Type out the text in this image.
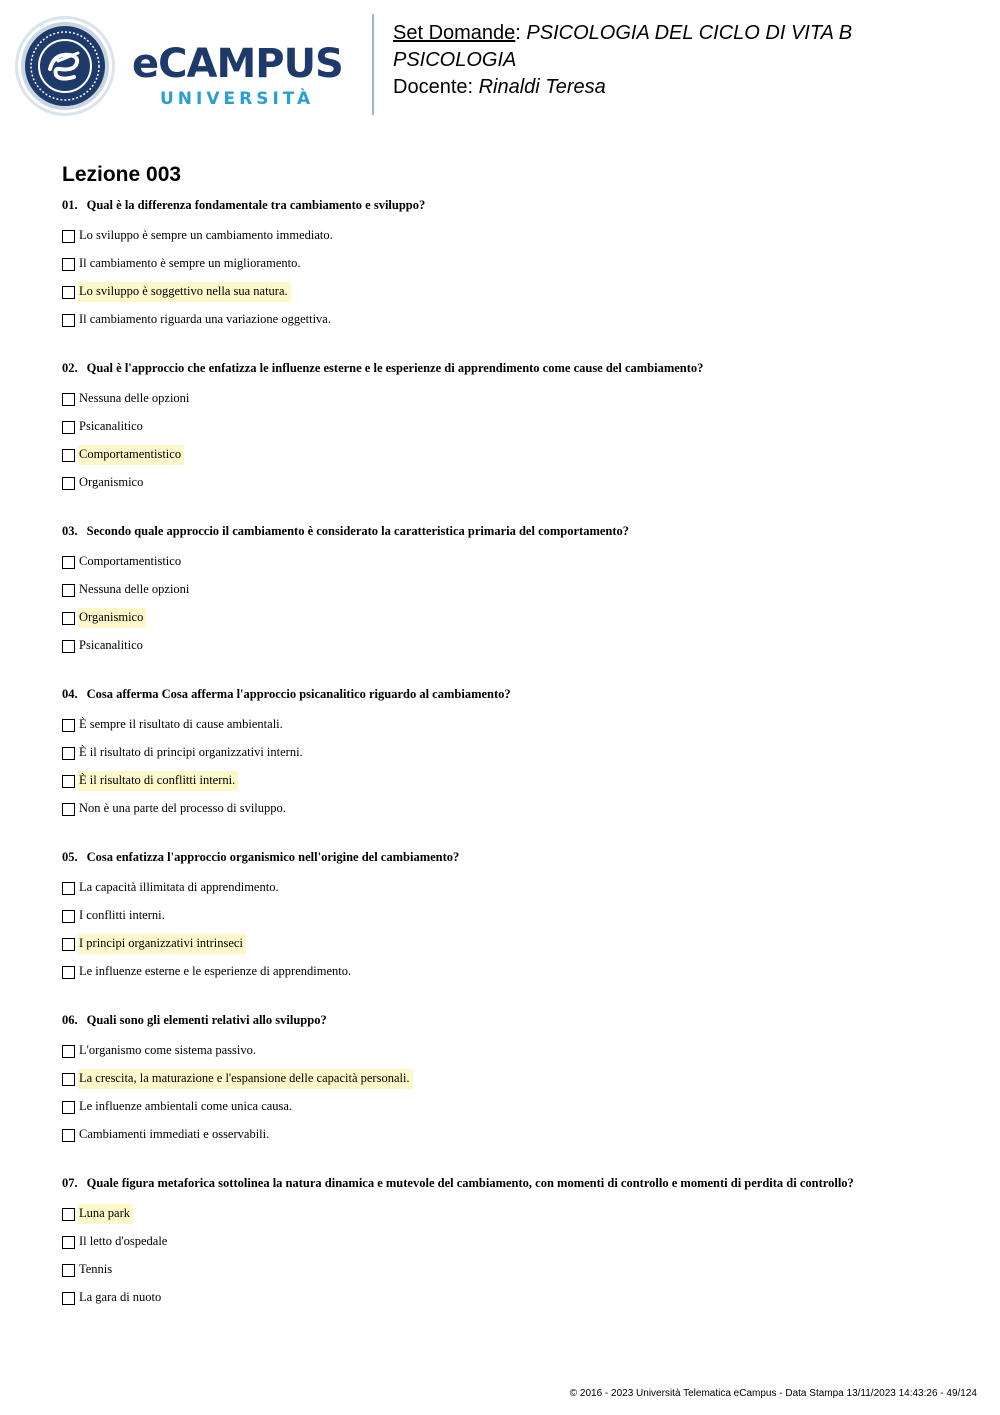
eCAMPUS
UNIVERSITÀ
Set Domande: PSICOLOGIA DEL CICLO DI VITA B
PSICOLOGIA
Docente: Rinaldi Teresa
Lezione 003
01. Qual è la differenza fondamentale tra cambiamento e sviluppo?
Lo sviluppo è sempre un cambiamento immediato.
Il cambiamento è sempre un miglioramento.
Lo sviluppo è soggettivo nella sua natura.
Il cambiamento riguarda una variazione oggettiva.
02. Qual è l'approccio che enfatizza le influenze esterne e le esperienze di apprendimento come cause del cambiamento?
Nessuna delle opzioni
Psicanalitico
Comportamentistico
Organismico
03. Secondo quale approccio il cambiamento è considerato la caratteristica primaria del comportamento?
Comportamentistico
Nessuna delle opzioni
Organismico
Psicanalitico
04. Cosa afferma Cosa afferma l'approccio psicanalitico riguardo al cambiamento?
È sempre il risultato di cause ambientali.
È il risultato di principi organizzativi interni.
È il risultato di conflitti interni.
Non è una parte del processo di sviluppo.
05. Cosa enfatizza l'approccio organismico nell'origine del cambiamento?
La capacità illimitata di apprendimento.
I conflitti interni.
I principi organizzativi intrinseci
Le influenze esterne e le esperienze di apprendimento.
06. Quali sono gli elementi relativi allo sviluppo?
L'organismo come sistema passivo.
La crescita, la maturazione e l'espansione delle capacità personali.
Le influenze ambientali come unica causa.
Cambiamenti immediati e osservabili.
07. Quale figura metaforica sottolinea la natura dinamica e mutevole del cambiamento, con momenti di controllo e momenti di perdita di controllo?
Luna park
Il letto d'ospedale
Tennis
La gara di nuoto
© 2016 - 2023 Università Telematica eCampus - Data Stampa 13/11/2023 14:43:26 - 49/124
